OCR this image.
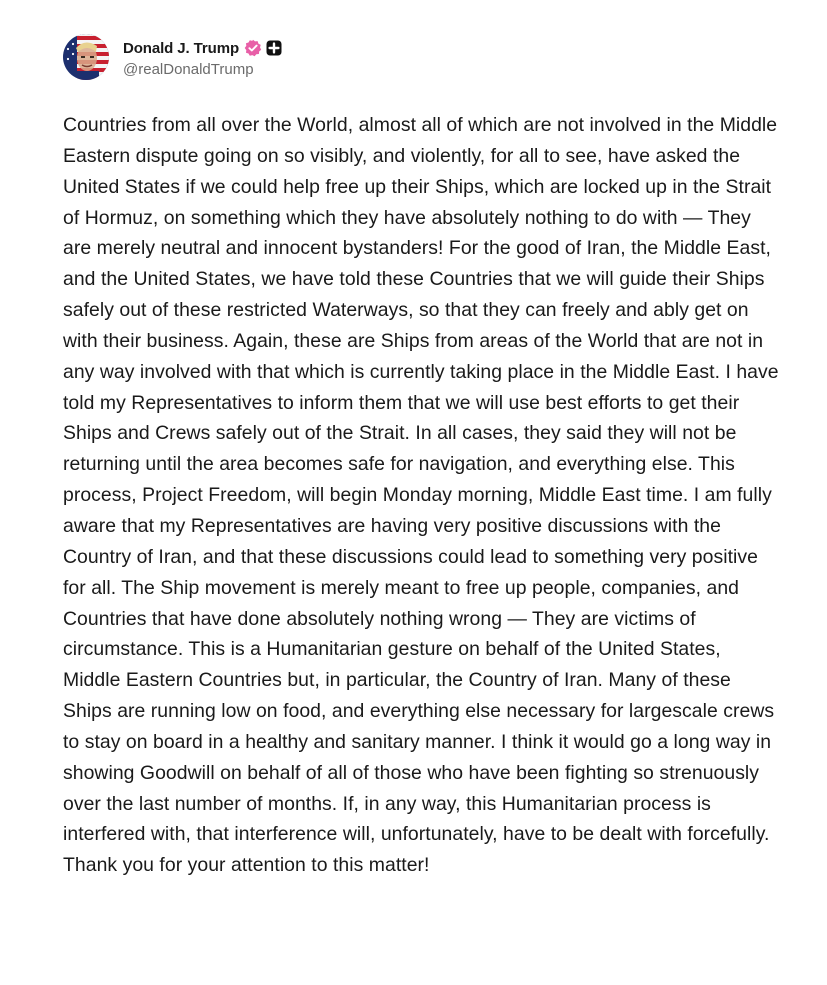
Donald J. Trump
@realDonaldTrump
Countries from all over the World, almost all of which are not involved in the Middle Eastern dispute going on so visibly, and violently, for all to see, have asked the United States if we could help free up their Ships, which are locked up in the Strait of Hormuz, on something which they have absolutely nothing to do with — They are merely neutral and innocent bystanders! For the good of Iran, the Middle East, and the United States, we have told these Countries that we will guide their Ships safely out of these restricted Waterways, so that they can freely and ably get on with their business. Again, these are Ships from areas of the World that are not in any way involved with that which is currently taking place in the Middle East. I have told my Representatives to inform them that we will use best efforts to get their Ships and Crews safely out of the Strait. In all cases, they said they will not be returning until the area becomes safe for navigation, and everything else. This process, Project Freedom, will begin Monday morning, Middle East time. I am fully aware that my Representatives are having very positive discussions with the Country of Iran, and that these discussions could lead to something very positive for all. The Ship movement is merely meant to free up people, companies, and Countries that have done absolutely nothing wrong — They are victims of circumstance. This is a Humanitarian gesture on behalf of the United States, Middle Eastern Countries but, in particular, the Country of Iran. Many of these Ships are running low on food, and everything else necessary for largescale crews to stay on board in a healthy and sanitary manner. I think it would go a long way in showing Goodwill on behalf of all of those who have been fighting so strenuously over the last number of months. If, in any way, this Humanitarian process is interfered with, that interference will, unfortunately, have to be dealt with forcefully. Thank you for your attention to this matter!
